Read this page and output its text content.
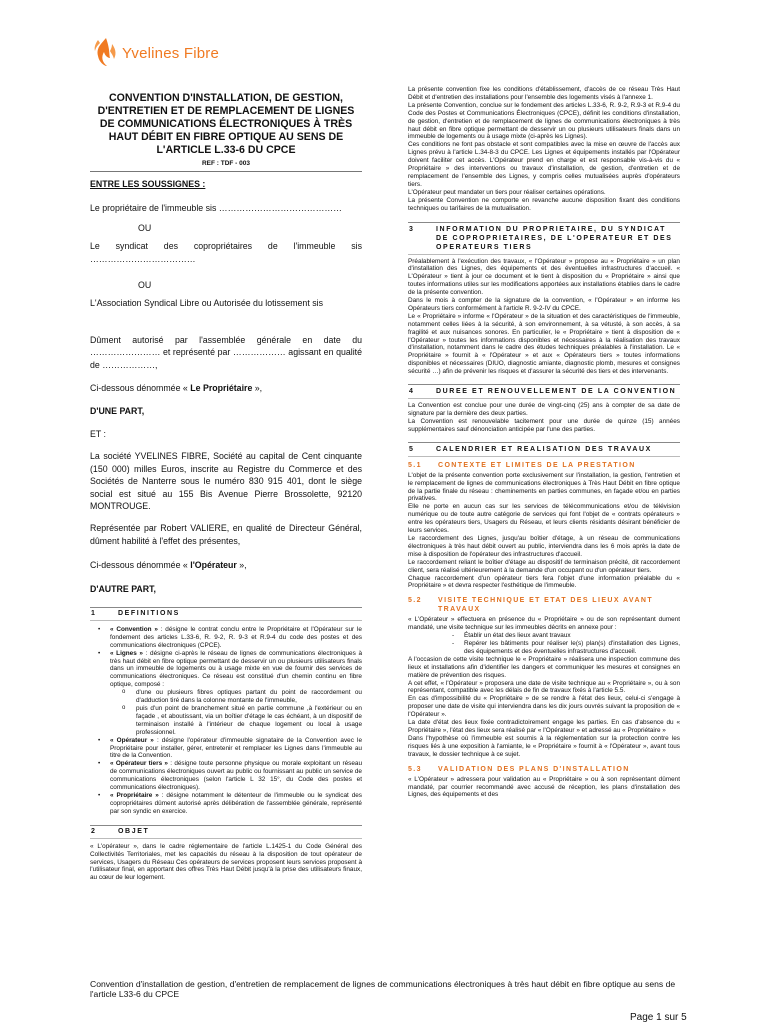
Yvelines Fibre

CONVENTION D'INSTALLATION, DE GESTION, D'ENTRETIEN ET DE REMPLACEMENT DE LIGNES DE COMMUNICATIONS ÉLECTRONIQUES À TRÈS HAUT DÉBIT EN FIBRE OPTIQUE AU SENS DE L'ARTICLE L.33-6 DU CPCE

REF : TDF - 003

ENTRE LES SOUSSIGNES :

Le propriétaire de l'immeuble sis ……………………………………

OU

Le syndicat des copropriétaires de l'immeuble sis ………………………………

OU

L'Association Syndical Libre ou Autorisée du lotissement sis

Dûment autorisé par l'assemblée générale en date du …………………… et représenté par ……………… agissant en qualité de ………………,

Ci-dessous dénommée « Le Propriétaire »,

D'UNE PART,

ET :

La société YVELINES FIBRE, Société au capital de Cent cinquante (150 000) milles Euros, inscrite au Registre du Commerce et des Sociétés de Nanterre sous le numéro 830 915 401, dont le siège social est situé au 155 Bis Avenue Pierre Brossolette, 92120 MONTROUGE.

Représentée par Robert VALIERE, en qualité de Directeur Général, dûment habilité à l'effet des présentes,

Ci-dessous dénommée « l'Opérateur »,

D'AUTRE PART,

1	DEFINITIONS

• « Convention » : désigne le contrat conclu entre le Propriétaire et l'Opérateur sur le fondement des articles L.33-6, R. 9-2, R. 9-3 et R.9-4 du code des postes et des communications électroniques (CPCE).

• « Lignes » : désigne ci-après le réseau de lignes de communications électroniques à très haut débit en fibre optique permettant de desservir un ou plusieurs utilisateurs finals dans un immeuble de logements ou à usage mixte en vue de fournir des services de communications électroniques. Ce réseau est constitué d'un chemin continu en fibre optique, composé :

o d'une ou plusieurs fibres optiques partant du point de raccordement ou d'adduction tiré dans la colonne montante de l'immeuble,

o puis d'un point de branchement situé en partie commune ,à l'extérieur ou en façade , et aboutissant, via un boîtier d'étage le cas échéant, à un dispositif de terminaison installé à l'intérieur de chaque logement ou local à usage professionnel.

• « Opérateur » : désigne l'opérateur d'immeuble signataire de la Convention avec le Propriétaire pour installer, gérer, entretenir et remplacer les Lignes dans l'immeuble au titre de la Convention.

• « Opérateur tiers » : désigne toute personne physique ou morale exploitant un réseau de communications électroniques ouvert au public ou fournissant au public un service de communications électroniques (selon l'article L 32 15°, du Code des postes et communications électroniques).

• « Propriétaire » : désigne notamment le détenteur de l'immeuble ou le syndicat des copropriétaires dûment autorisé après délibération de l'assemblée générale, représenté par son syndic en exercice.

2	OBJET

« L'opérateur », dans le cadre réglementaire de l'article L.1425-1 du Code Général des Collectivités Territoriales, met les capacités du réseau à la disposition de tout opérateur de services, Usagers du Réseau Ces opérateurs de services proposent leurs services proposent à l'utilisateur final, en apportant des offres Très Haut Débit jusqu'à la prise des utilisateurs finaux, au cœur de leur logement.

La présente convention fixe les conditions d'établissement, d'accès de ce réseau Très Haut Débit et d'entretien des installations pour l'ensemble des logements visés à l'annexe 1.

La présente Convention, conclue sur le fondement des articles L.33-6, R. 9-2, R.9-3 et R.9-4 du Code des Postes et Communications Électroniques (CPCE), définit les conditions d'installation, de gestion, d'entretien et de remplacement de lignes de communications électroniques à très haut débit en fibre optique permettant de desservir un ou plusieurs utilisateurs finals dans un immeuble de logements ou à usage mixte (ci-après les Lignes).

Ces conditions ne font pas obstacle et sont compatibles avec la mise en œuvre de l'accès aux Lignes prévu à l'article L.34-8-3 du CPCE. Les Lignes et équipements installés par l'Opérateur doivent faciliter cet accès. L'Opérateur prend en charge et est responsable vis-à-vis du « Propriétaire » des interventions ou travaux d'installation, de gestion, d'entretien et de remplacement de l'ensemble des Lignes, y compris celles mutualisées auprès d'opérateurs tiers.

L'Opérateur peut mandater un tiers pour réaliser certaines opérations.

La présente Convention ne comporte en revanche aucune disposition fixant des conditions techniques ou tarifaires de la mutualisation.

3	INFORMATION DU PROPRIETAIRE, DU SYNDICAT DE COPROPRIETAIRES, DE L'OPERATEUR ET DES OPERATEURS TIERS

Préalablement à l'exécution des travaux, « l'Opérateur » propose au « Propriétaire » un plan d'installation des Lignes, des équipements et des éventuelles infrastructures d'accueil. « L'Opérateur » tient à jour ce document et le tient à disposition du « Propriétaire » ainsi que toutes informations utiles sur les modifications apportées aux installations établies dans le cadre de la présente convention.

Dans le mois à compter de la signature de la convention, « l'Opérateur » en informe les Opérateurs tiers conformément à l'article R. 9-2-IV du CPCE.

Le « Propriétaire » informe « l'Opérateur » de la situation et des caractéristiques de l'immeuble, notamment celles liées à la sécurité, à son environnement, à sa vétusté, à son accès, à sa fragilité et aux nuisances sonores. En particulier, le « Propriétaire » tient à disposition de « l'Opérateur » toutes les informations disponibles et nécessaires à la réalisation des travaux d'installation, notamment dans le cadre des études techniques préalables à l'installation. Le « Propriétaire » fournit à « l'Opérateur » et aux « Opérateurs tiers » toutes informations disponibles et nécessaires (DIUO, diagnostic amiante, diagnostic plomb, mesures et consignes sécurité …) afin de prévenir les risques et d'assurer la sécurité des tiers et des intervenants.

4	DUREE ET RENOUVELLEMENT DE LA CONVENTION

La Convention est conclue pour une durée de vingt-cinq (25) ans à compter de sa date de signature par la dernière des deux parties.

La Convention est renouvelable tacitement pour une durée de quinze (15) années supplémentaires sauf dénonciation anticipée par l'une des parties.

5	CALENDRIER ET REALISATION DES TRAVAUX
5.1 CONTEXTE ET LIMITES DE LA PRESTATION

L'objet de la présente convention porte exclusivement sur l'installation, la gestion, l'entretien et le remplacement de lignes de communications électroniques à Très Haut Débit en fibre optique de la partie finale du réseau : cheminements en parties communes, en façade et/ou en parties privatives.

Elle ne porte en aucun cas sur les services de télécommunications et/ou de télévision numérique ou de toute autre catégorie de services qui font l'objet de « contrats opérateurs » entre les opérateurs tiers, Usagers du Réseau, et leurs clients résidants désirant bénéficier de leurs services.

Le raccordement des Lignes, jusqu'au boîtier d'étage, à un réseau de communications électroniques à très haut débit ouvert au public, interviendra dans les 6 mois après la date de mise à disposition de l'opérateur des infrastructures d'accueil.

Le raccordement reliant le boîtier d'étage au dispositif de terminaison précité, dit raccordement client, sera réalisé ultérieurement à la demande d'un occupant ou d'un opérateur tiers.

Chaque raccordement d'un opérateur tiers fera l'objet d'une information préalable du « Propriétaire » et devra respecter l'esthétique de l'immeuble.

5.2 VISITE TECHNIQUE ET ETAT DES LIEUX AVANT TRAVAUX

« L'Opérateur » effectuera en présence du « Propriétaire » ou de son représentant dument mandaté, une visite technique sur les immeubles décrits en annexe pour :

- Établir un état des lieux avant travaux

- Repérer les bâtiments pour réaliser le(s) plan(s) d'installation des Lignes, des équipements et des éventuelles infrastructures d'accueil.

A l'occasion de cette visite technique le « Propriétaire » réalisera une inspection commune des lieux et installations afin d'identifier les dangers et communiquer les mesures et consignes en matière de prévention des risques.

A cet effet, « l'Opérateur » proposera une date de visite technique au « Propriétaire », ou à son représentant, compatible avec les délais de fin de travaux fixés à l'article 5.5.

En cas d'impossibilité du « Propriétaire » de se rendre à l'état des lieux, celui-ci s'engage à proposer une date de visite qui interviendra dans les dix jours ouvrés suivant la proposition de « l'Opérateur ».

La date d'état des lieux fixée contradictoirement engage les parties. En cas d'absence du « Propriétaire », l'état des lieux sera réalisé par « l'Opérateur » et adressé au « Propriétaire »

Dans l'hypothèse où l'immeuble est soumis à la réglementation sur la protection contre les risques liés à une exposition à l'amiante, le « Propriétaire » fournit à « l'Opérateur », avant tous travaux, le dossier technique à ce sujet.

5.3 VALIDATION DES PLANS D'INSTALLATION

« L'Opérateur » adressera pour validation au « Propriétaire » ou à son représentant dûment mandaté, par courrier recommandé avec accusé de réception, les plans d'installation des Lignes, des équipements et des

Convention d'installation de gestion, d'entretien de remplacement de lignes de communications électroniques à très haut débit en fibre optique au sens de l'article L33-6 du CPCE
Page 1 sur 5
